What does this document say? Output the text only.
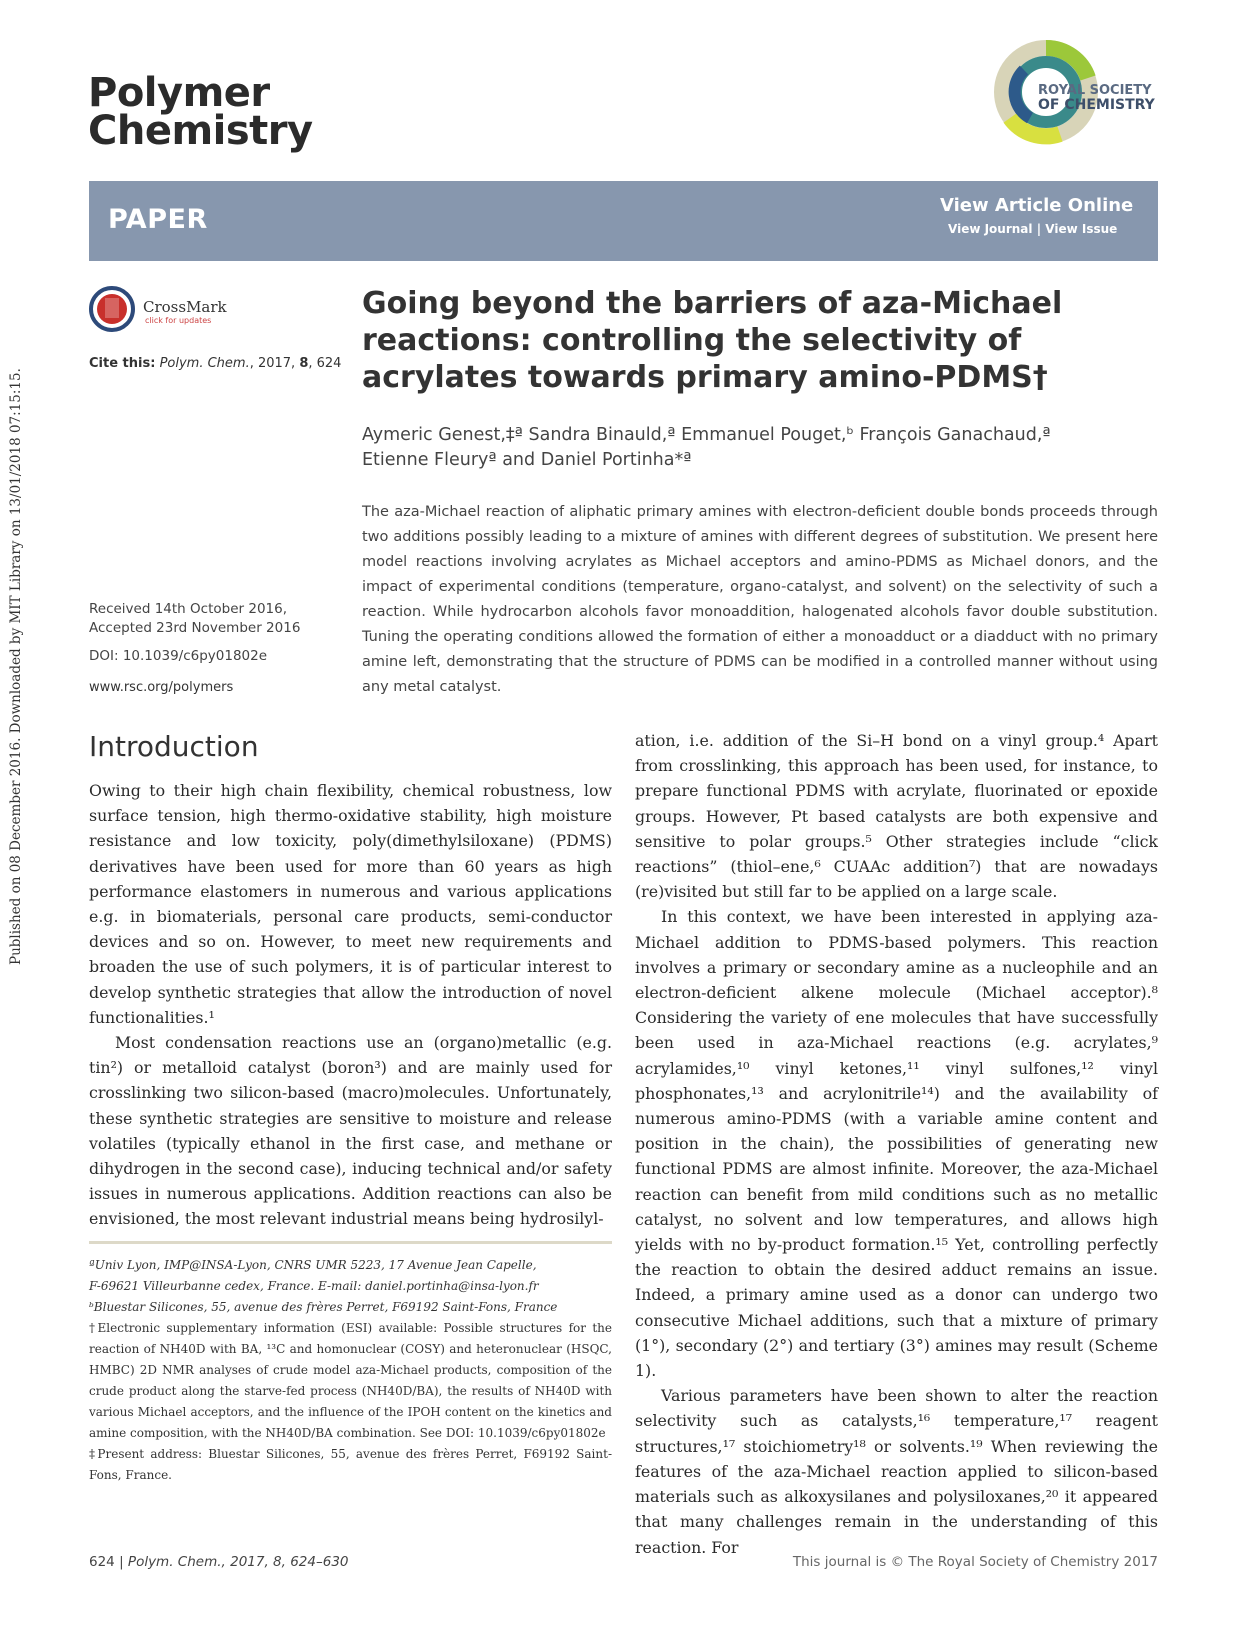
Published on 08 December 2016. Downloaded by MIT Library on 13/01/2018 07:15:15.
Polymer
Chemistry
ROYAL SOCIETY
OF CHEMISTRY
PAPER	View Article Online
View Journal | View Issue
CrossMark
click for updates
Cite this: Polym. Chem., 2017, 8, 624
Going beyond the barriers of aza-Michael reactions: controlling the selectivity of acrylates towards primary amino-PDMS†
Aymeric Genest,‡ª Sandra Binauld,ª Emmanuel Pouget,ᵇ François Ganachaud,ª
Etienne Fleuryª and Daniel Portinha*ª
The aza-Michael reaction of aliphatic primary amines with electron-deficient double bonds proceeds through two additions possibly leading to a mixture of amines with different degrees of substitution. We present here model reactions involving acrylates as Michael acceptors and amino-PDMS as Michael donors, and the impact of experimental conditions (temperature, organo-catalyst, and solvent) on the selectivity of such a reaction. While hydrocarbon alcohols favor monoaddition, halogenated alcohols favor double substitution. Tuning the operating conditions allowed the formation of either a monoadduct or a diadduct with no primary amine left, demonstrating that the structure of PDMS can be modified in a controlled manner without using any metal catalyst.
Received 14th October 2016,
Accepted 23rd November 2016
DOI: 10.1039/c6py01802e
www.rsc.org/polymers
Introduction

Owing to their high chain flexibility, chemical robustness, low surface tension, high thermo-oxidative stability, high moisture resistance and low toxicity, poly(dimethylsiloxane) (PDMS) derivatives have been used for more than 60 years as high performance elastomers in numerous and various applications e.g. in biomaterials, personal care products, semi-conductor devices and so on. However, to meet new requirements and broaden the use of such polymers, it is of particular interest to develop synthetic strategies that allow the introduction of novel functionalities.¹

Most condensation reactions use an (organo)metallic (e.g. tin²) or metalloid catalyst (boron³) and are mainly used for crosslinking two silicon-based (macro)molecules. Unfortunately, these synthetic strategies are sensitive to moisture and release volatiles (typically ethanol in the first case, and methane or dihydrogen in the second case), inducing technical and/or safety issues in numerous applications. Addition reactions can also be envisioned, the most relevant industrial means being hydrosilyl-

ation, i.e. addition of the Si–H bond on a vinyl group.⁴ Apart from crosslinking, this approach has been used, for instance, to prepare functional PDMS with acrylate, fluorinated or epoxide groups. However, Pt based catalysts are both expensive and sensitive to polar groups.⁵ Other strategies include “click reactions” (thiol–ene,⁶ CUAAc addition⁷) that are nowadays (re)visited but still far to be applied on a large scale.

In this context, we have been interested in applying aza-Michael addition to PDMS-based polymers. This reaction involves a primary or secondary amine as a nucleophile and an electron-deficient alkene molecule (Michael acceptor).⁸ Considering the variety of ene molecules that have successfully been used in aza-Michael reactions (e.g. acrylates,⁹ acrylamides,¹⁰ vinyl ketones,¹¹ vinyl sulfones,¹² vinyl phosphonates,¹³ and acrylonitrile¹⁴) and the availability of numerous amino-PDMS (with a variable amine content and position in the chain), the possibilities of generating new functional PDMS are almost infinite. Moreover, the aza-Michael reaction can benefit from mild conditions such as no metallic catalyst, no solvent and low temperatures, and allows high yields with no by-product formation.¹⁵ Yet, controlling perfectly the reaction to obtain the desired adduct remains an issue. Indeed, a primary amine used as a donor can undergo two consecutive Michael additions, such that a mixture of primary (1°), secondary (2°) and tertiary (3°) amines may result (Scheme 1).

Various parameters have been shown to alter the reaction selectivity such as catalysts,¹⁶ temperature,¹⁷ reagent structures,¹⁷ stoichiometry¹⁸ or solvents.¹⁹ When reviewing the features of the aza-Michael reaction applied to silicon-based materials such as alkoxysilanes and polysiloxanes,²⁰ it appeared that many challenges remain in the understanding of this reaction. For

ªUniv Lyon, IMP@INSA-Lyon, CNRS UMR 5223, 17 Avenue Jean Capelle,

F-69621 Villeurbanne cedex, France. E-mail: daniel.portinha@insa-lyon.fr

ᵇBluestar Silicones, 55, avenue des frères Perret, F69192 Saint-Fons, France

†Electronic supplementary information (ESI) available: Possible structures for the reaction of NH40D with BA, ¹³C and homonuclear (COSY) and heteronuclear (HSQC, HMBC) 2D NMR analyses of crude model aza-Michael products, composition of the crude product along the starve-fed process (NH40D/BA), the results of NH40D with various Michael acceptors, and the influence of the IPOH content on the kinetics and amine composition, with the NH40D/BA combination. See DOI: 10.1039/c6py01802e

‡Present address: Bluestar Silicones, 55, avenue des frères Perret, F69192 Saint-Fons, France.

624 | Polym. Chem., 2017, 8, 624–630	This journal is © The Royal Society of Chemistry 2017
